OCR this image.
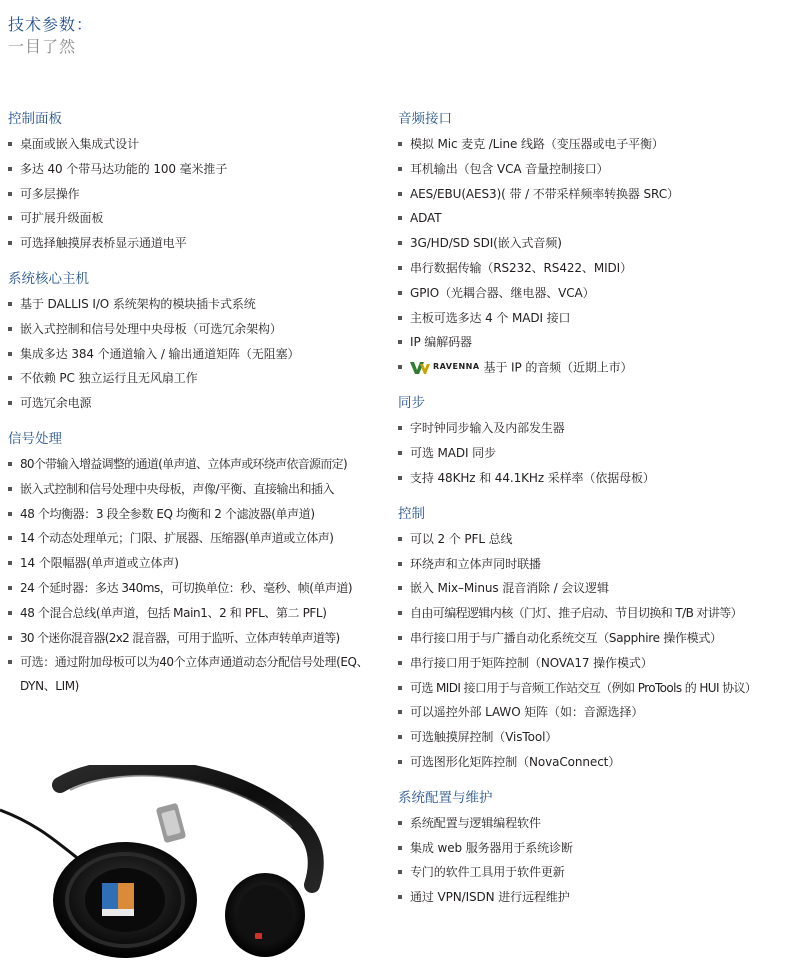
技术参数：
一目了然
控制面板
桌面或嵌入集成式设计
多达 40 个带马达功能的 100 毫米推子
可多层操作
可扩展升级面板
可选择触摸屏表桥显示通道电平
系统核心主机
基于 DALLIS I/O 系统架构的模块插卡式系统
嵌入式控制和信号处理中央母板（可选冗余架构）
集成多达 384 个通道输入 / 输出通道矩阵（无阻塞）
不依赖 PC 独立运行且无风扇工作
可选冗余电源
信号处理
80个带输入增益调整的通道(单声道、立体声或环绕声依音源而定)
嵌入式控制和信号处理中央母板，声像/平衡、直接输出和插入
48 个均衡器：3 段全参数 EQ 均衡和 2 个滤波器(单声道)
14 个动态处理单元；门限、扩展器、压缩器(单声道或立体声)
14 个限幅器(单声道或立体声)
24 个延时器：多达 340ms，可切换单位：秒、毫秒、帧(单声道)
48 个混合总线(单声道，包括 Main1、2 和 PFL、第二 PFL)
30 个迷你混音器(2x2 混音器，可用于监听、立体声转单声道等)
可选：通过附加母板可以为40个立体声通道动态分配信号处理(EQ、DYN、LIM)
音频接口
模拟 Mic 麦克 /Line 线路（变压器或电子平衡）
耳机输出（包含 VCA 音量控制接口）
AES/EBU(AES3)( 带 / 不带采样频率转换器 SRC）
ADAT
3G/HD/SD SDI(嵌入式音频)
串行数据传输（RS232、RS422、MIDI）
GPIO（光耦合器、继电器、VCA）
主板可选多达 4 个 MADI 接口
IP 编解码器
RAVENNA 基于 IP 的音频（近期上市）
同步
字时钟同步输入及内部发生器
可选 MADI 同步
支持 48KHz 和 44.1KHz 采样率（依据母板）
控制
可以 2 个 PFL 总线
环绕声和立体声同时联播
嵌入 Mix–Minus 混音消除 / 会议逻辑
自由可编程逻辑内核（门灯、推子启动、节目切换和 T/B 对讲等）
串行接口用于与广播自动化系统交互（Sapphire 操作模式）
串行接口用于矩阵控制（NOVA17 操作模式）
可选 MIDI 接口用于与音频工作站交互（例如 ProTools 的 HUI 协议）
可以遥控外部 LAWO 矩阵（如：音源选择）
可选触摸屏控制（VisTool）
可选图形化矩阵控制（NovaConnect）
系统配置与维护
系统配置与逻辑编程软件
集成 web 服务器用于系统诊断
专门的软件工具用于软件更新
通过 VPN/ISDN 进行远程维护
